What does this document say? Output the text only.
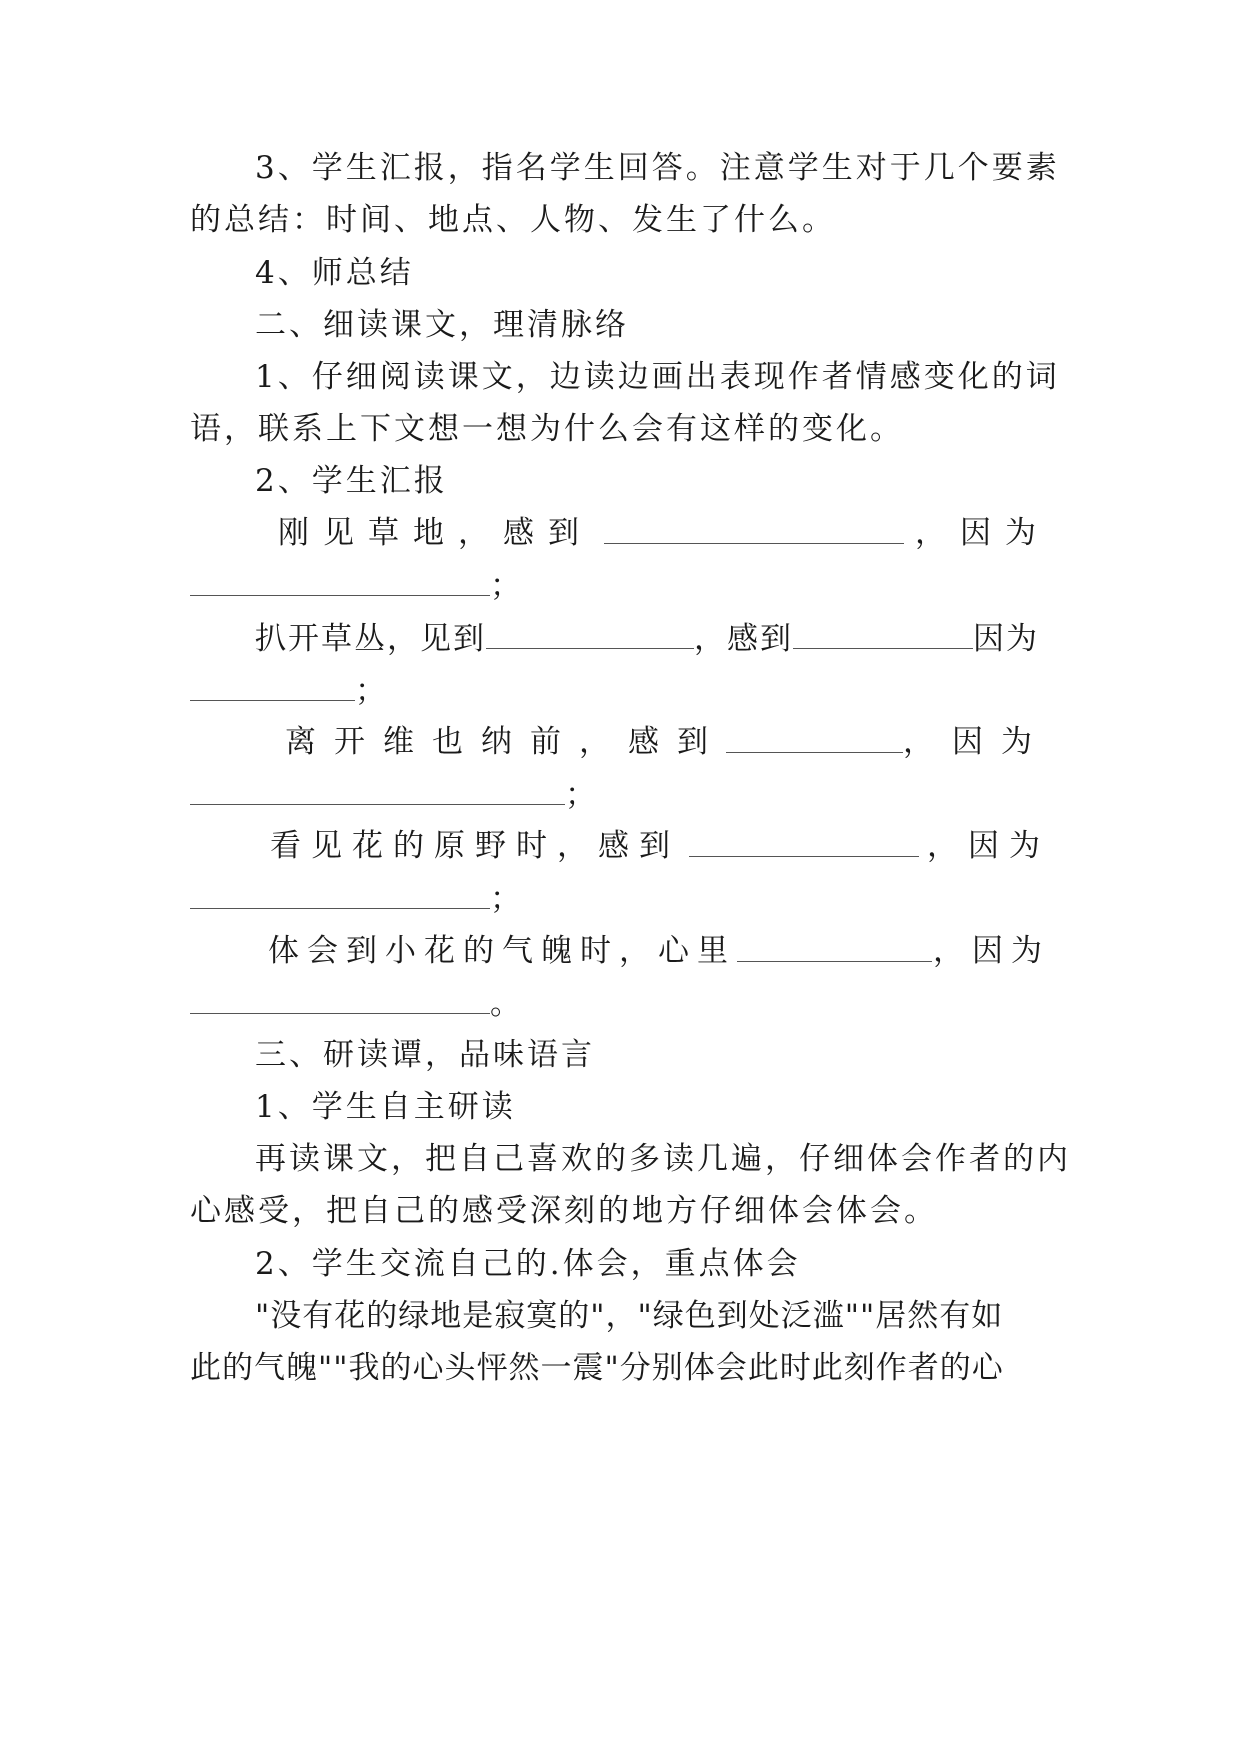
3、学生汇报，指名学生回答。注意学生对于几个要素
的总结：时间、地点、人物、发生了什么。
4、师总结
二、细读课文，理清脉络
1、仔细阅读课文，边读边画出表现作者情感变化的词
语，联系上下文想一想为什么会有这样的变化。
2、学生汇报
刚见草地，感到	，因为
；
扒开草丛，见到	，感到	因为
；
离开维也纳前，感到	，因为
；
看见花的原野时，感到	，因为
；
体会到小花的气魄时，心里	，因为
。
三、研读谭，品味语言
1、学生自主研读
再读课文，把自己喜欢的多读几遍，仔细体会作者的内
心感受，把自己的感受深刻的地方仔细体会体会。
2、学生交流自己的.体会，重点体会
"没有花的绿地是寂寞的"，"绿色到处泛滥""居然有如
此的气魄""我的心头怦然一震"分别体会此时此刻作者的心
